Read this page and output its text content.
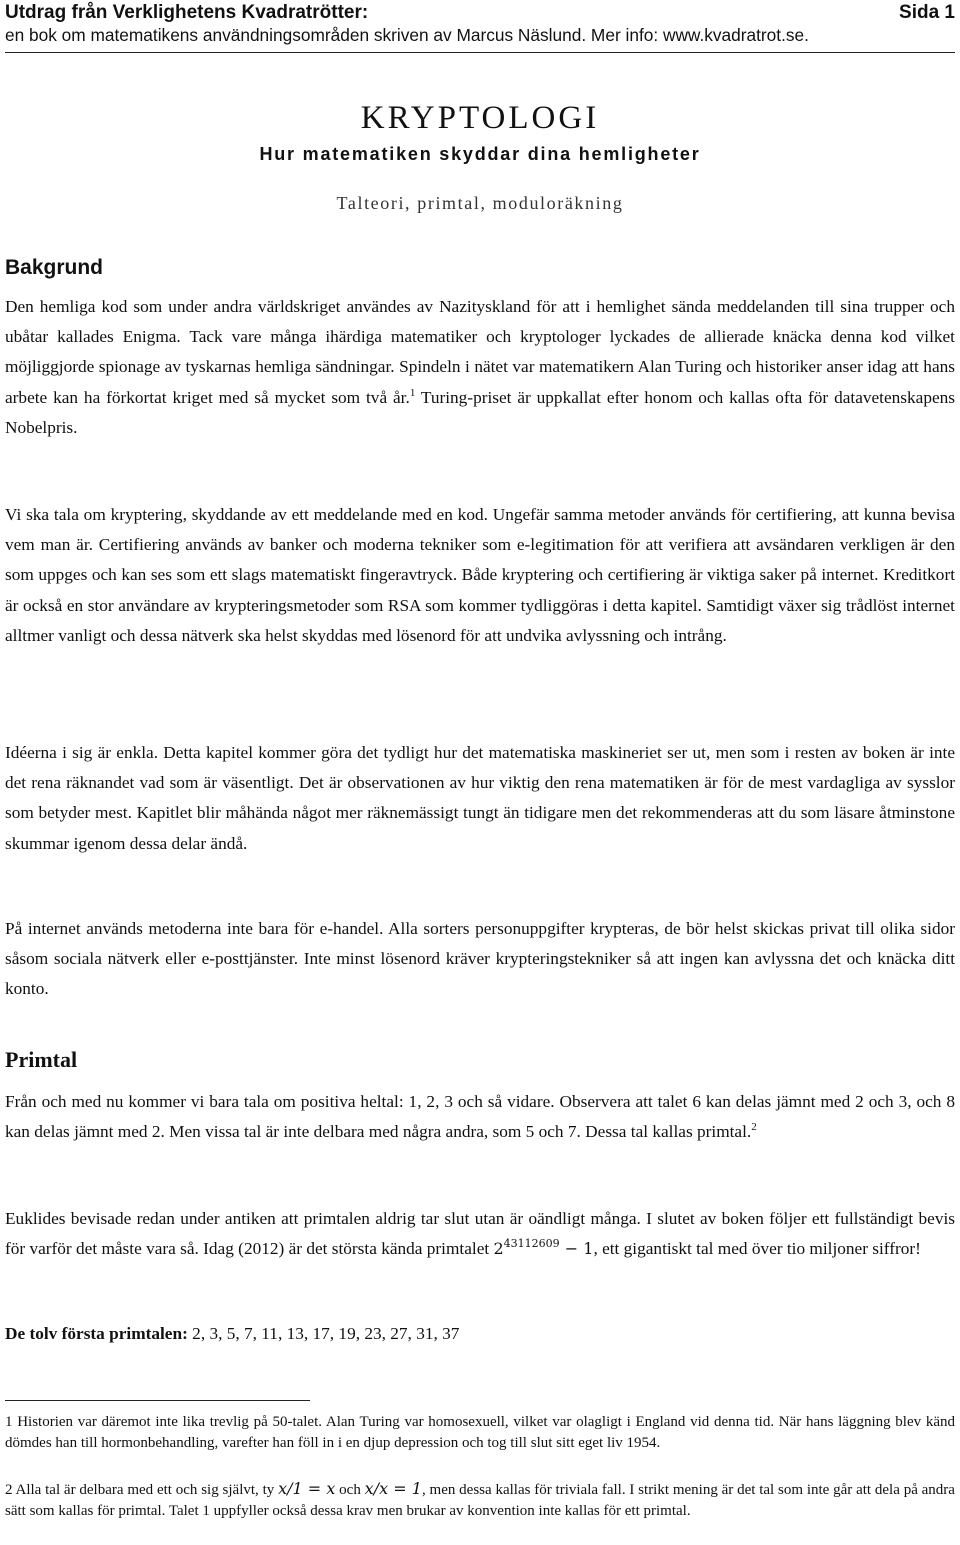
Utdrag från Verklighetens Kvadratrötter:	Sida 1
en bok om matematikens användningsområden skriven av Marcus Näslund. Mer info: www.kvadratrot.se.
KRYPTOLOGI
Hur matematiken skyddar dina hemligheter
Talteori, primtal, moduloräkning
Bakgrund

Den hemliga kod som under andra världskriget användes av Nazityskland för att i hemlighet sända meddelanden till sina trupper och ubåtar kallades Enigma. Tack vare många ihärdiga matematiker och kryptologer lyckades de allierade knäcka denna kod vilket möjliggjorde spionage av tyskarnas hemliga sändningar. Spindeln i nätet var matematikern Alan Turing och historiker anser idag att hans arbete kan ha förkortat kriget med så mycket som två år.$^1$ Turing-priset är uppkallat efter honom och kallas ofta för datavetenskapens Nobelpris.

Vi ska tala om kryptering, skyddande av ett meddelande med en kod. Ungefär samma metoder används för certifiering, att kunna bevisa vem man är. Certifiering används av banker och moderna tekniker som e-legitimation för att verifiera att avsändaren verkligen är den som uppges och kan ses som ett slags matematiskt fingeravtryck. Både kryptering och certifiering är viktiga saker på internet. Kreditkort är också en stor användare av krypteringsmetoder som RSA som kommer tydliggöras i detta kapitel. Samtidigt växer sig trådlöst internet alltmer vanligt och dessa nätverk ska helst skyddas med lösenord för att undvika avlyssning och intrång.

Idéerna i sig är enkla. Detta kapitel kommer göra det tydligt hur det matematiska maskineriet ser ut, men som i resten av boken är inte det rena räknandet vad som är väsentligt. Det är observationen av hur viktig den rena matematiken är för de mest vardagliga av sysslor som betyder mest. Kapitlet blir måhända något mer räknemässigt tungt än tidigare men det rekommenderas att du som läsare åtminstone skummar igenom dessa delar ändå.

På internet används metoderna inte bara för e-handel. Alla sorters personuppgifter krypteras, de bör helst skickas privat till olika sidor såsom sociala nätverk eller e-posttjänster. Inte minst lösenord kräver krypteringstekniker så att ingen kan avlyssna det och knäcka ditt konto.

Primtal

Från och med nu kommer vi bara tala om positiva heltal: 1, 2, 3 och så vidare. Observera att talet 6 kan delas jämnt med 2 och 3, och 8 kan delas jämnt med 2. Men vissa tal är inte delbara med några andra, som 5 och 7. Dessa tal kallas primtal.$^2$

Euklides bevisade redan under antiken att primtalen aldrig tar slut utan är oändligt många. I slutet av boken följer ett fullständigt bevis för varför det måste vara så. Idag (2012) är det största kända primtalet $2^{43112609} - 1$, ett gigantiskt tal med över tio miljoner siffror!

De tolv första primtalen: 2, 3, 5, 7, 11, 13, 17, 19, 23, 27, 31, 37

1 Historien var däremot inte lika trevlig på 50-talet. Alan Turing var homosexuell, vilket var olagligt i England vid denna tid. När hans läggning blev känd dömdes han till hormonbehandling, varefter han föll in i en djup depression och tog till slut sitt eget liv 1954.
2 Alla tal är delbara med ett och sig självt, ty x/1 = x och x/x = 1, men dessa kallas för triviala fall. I strikt mening är det tal som inte går att dela på andra sätt som kallas för primtal. Talet 1 uppfyller också dessa krav men brukar av konvention inte kallas för ett primtal.
